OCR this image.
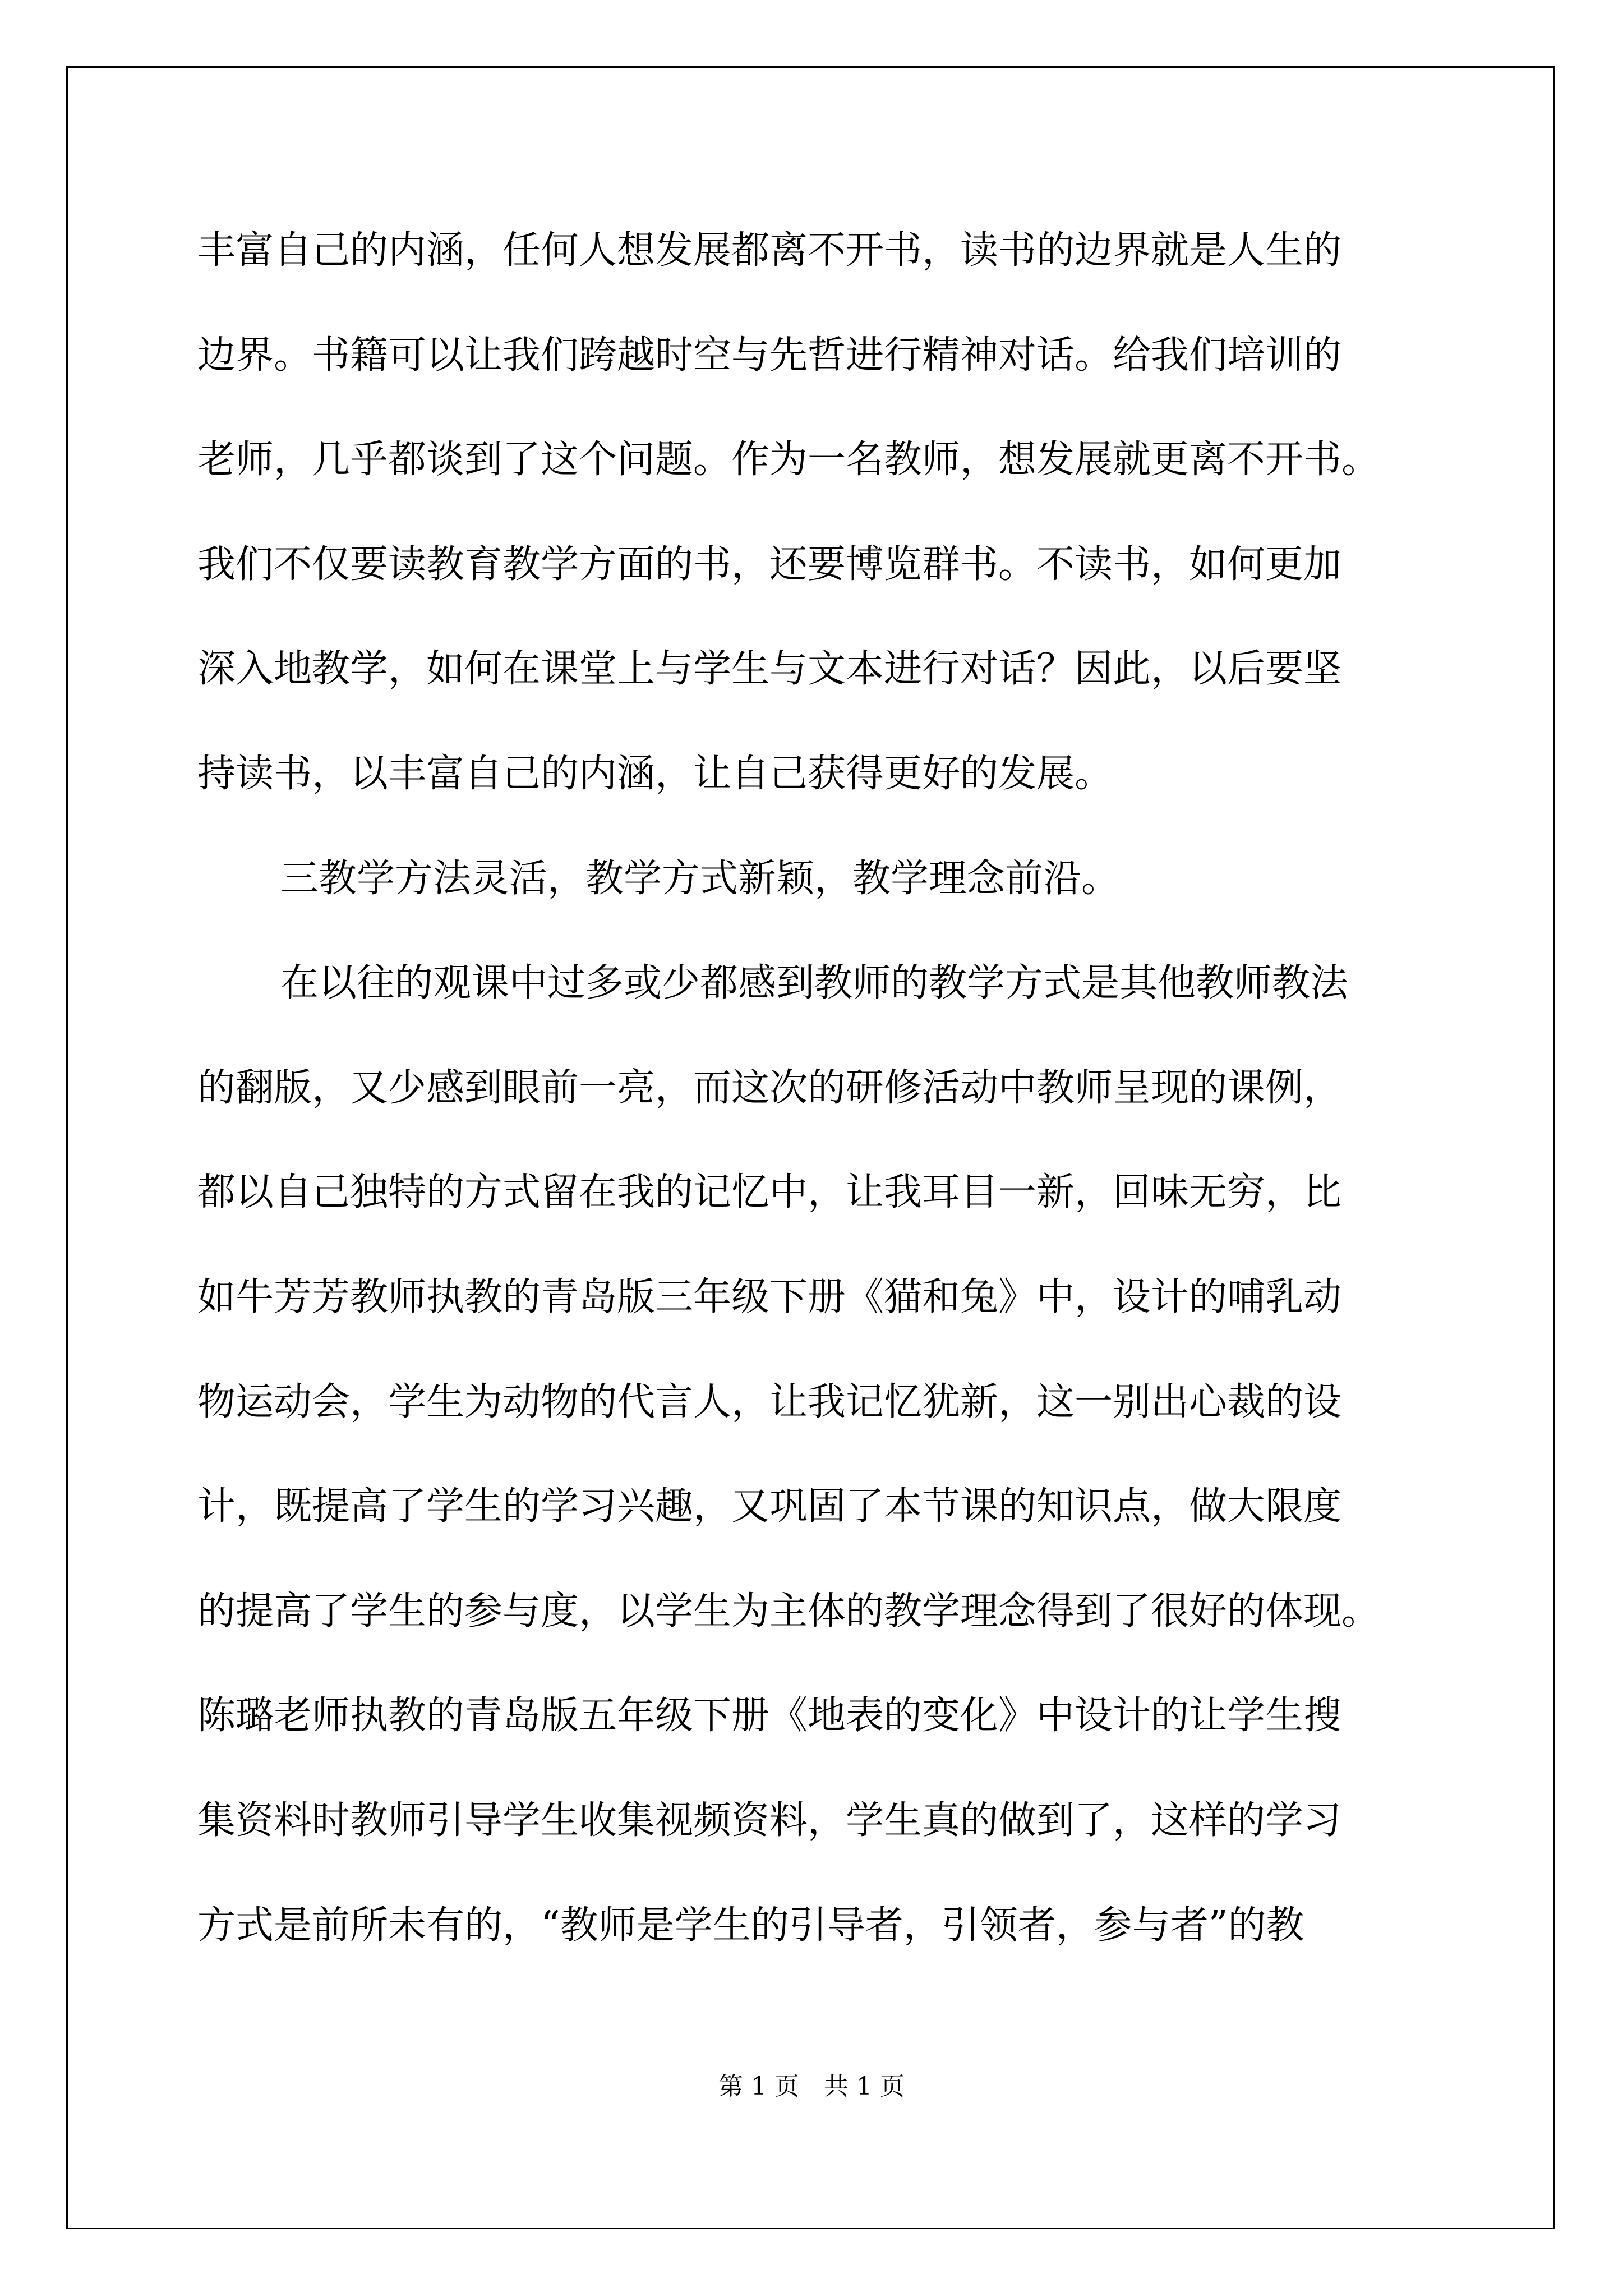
丰富自己的内涵，任何人想发展都离不开书，读书的边界就是人生的
边界。书籍可以让我们跨越时空与先哲进行精神对话。给我们培训的
老师，几乎都谈到了这个问题。作为一名教师，想发展就更离不开书。
我们不仅要读教育教学方面的书，还要博览群书。不读书，如何更加
深入地教学，如何在课堂上与学生与文本进行对话？因此，以后要坚
持读书，以丰富自己的内涵，让自己获得更好的发展。
三教学方法灵活，教学方式新颖，教学理念前沿。
在以往的观课中过多或少都感到教师的教学方式是其他教师教法
的翻版，又少感到眼前一亮，而这次的研修活动中教师呈现的课例，
都以自己独特的方式留在我的记忆中，让我耳目一新，回味无穷，比
如牛芳芳教师执教的青岛版三年级下册《猫和兔》中，设计的哺乳动
物运动会，学生为动物的代言人，让我记忆犹新，这一别出心裁的设
计，既提高了学生的学习兴趣，又巩固了本节课的知识点，做大限度
的提高了学生的参与度，以学生为主体的教学理念得到了很好的体现。
陈璐老师执教的青岛版五年级下册《地表的变化》中设计的让学生搜
集资料时教师引导学生收集视频资料，学生真的做到了，这样的学习
方式是前所未有的，“教师是学生的引导者，引领者，参与者”的教
第 1 页　共 1 页
